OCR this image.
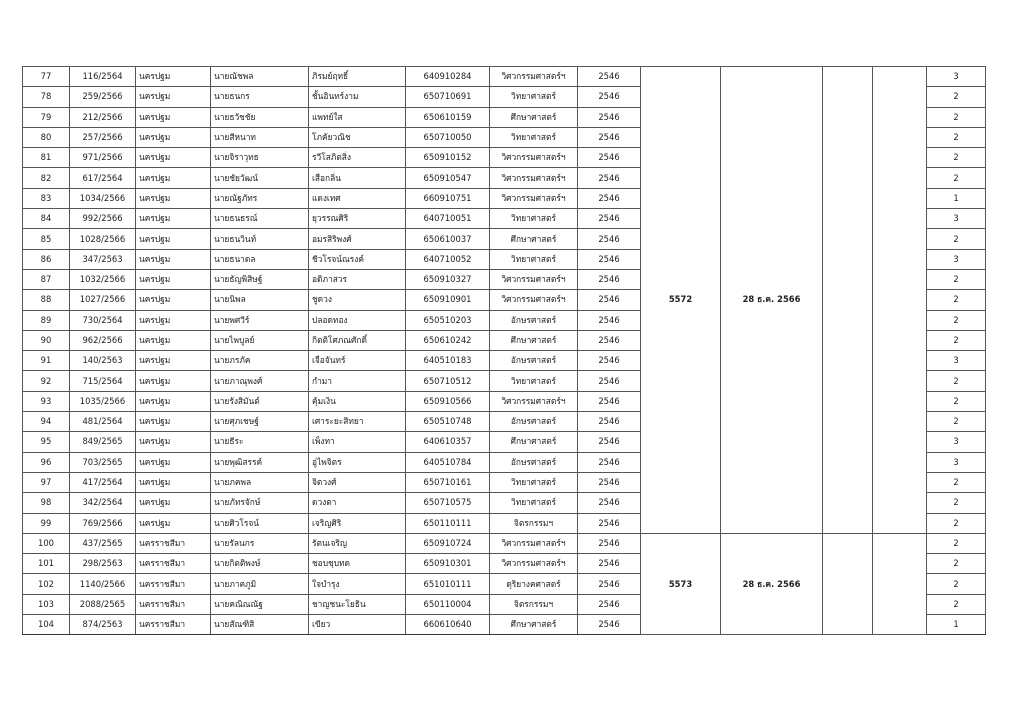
77	116/2564	นครปฐม	นายณัชพล	ภิรมย์ฤทธิ์	640910284	วิศวกรรมศาสตร์ฯ	2546	5572	28 ธ.ค. 2566			3
78	259/2566	นครปฐม	นายธนกร	ชั้นอินทร์งาม	650710691	วิทยาศาสตร์	2546					2
79	212/2566	นครปฐม	นายธวัชชัย	แพทย์ใส	650610159	ศึกษาศาสตร์	2546					2
80	257/2566	นครปฐม	นายสีหนาท	โภคัยวณิช	650710050	วิทยาศาสตร์	2546					2
81	971/2566	นครปฐม	นายจิราวุทธ	รวีโสภิตสิ่ง	650910152	วิศวกรรมศาสตร์ฯ	2546					2
82	617/2564	นครปฐม	นายชัยวัฒน์	เสือกลิ่น	650910547	วิศวกรรมศาสตร์ฯ	2546					2
83	1034/2566	นครปฐม	นายณัฐภัทร	แดงเทศ	660910751	วิศวกรรมศาสตร์ฯ	2546					1
84	992/2566	นครปฐม	นายธนธรณ์	ยุวรรณศิริ	640710051	วิทยาศาสตร์	2546					3
85	1028/2566	นครปฐม	นายธนวินท์	อมรสิริพงศ์	650610037	ศึกษาศาสตร์	2546					2
86	347/2563	นครปฐม	นายธนาดล	ชีวโรจน์ณรงค์	640710052	วิทยาศาสตร์	2546					3
87	1032/2566	นครปฐม	นายธัญพิสิษฐ์	อดิภาสวร	650910327	วิศวกรรมศาสตร์ฯ	2546					2
88	1027/2566	นครปฐม	นายนิพล	ชูดวง	650910901	วิศวกรรมศาสตร์ฯ	2546					2
89	730/2564	นครปฐม	นายพศวีร์	ปลอดทอง	650510203	อักษรศาสตร์	2546					2
90	962/2566	นครปฐม	นายไพบูลย์	กิตติโศภณศักดิ์	650610242	ศึกษาศาสตร์	2546					2
91	140/2563	นครปฐม	นายภรภัค	เจือจันทร์	640510183	อักษรศาสตร์	2546					3
92	715/2564	นครปฐม	นายภาณุพงศ์	กำมา	650710512	วิทยาศาสตร์	2546					2
93	1035/2566	นครปฐม	นายรังสิมันต์	คุ้มเงิน	650910566	วิศวกรรมศาสตร์ฯ	2546					2
94	481/2564	นครปฐม	นายศุภเชษฐ์	เศาระยะสิทยา	650510748	อักษรศาสตร์	2546					2
95	849/2565	นครปฐม	นายธีระ	เพ็งทา	640610357	ศึกษาศาสตร์	2546					3
96	703/2565	นครปฐม	นายพุฒิสรรค์	อู่ไพจิตร	640510784	อักษรศาสตร์	2546					3
97	417/2564	นครปฐม	นายภคพล	จิตวงศ์	650710161	วิทยาศาสตร์	2546					2
98	342/2564	นครปฐม	นายภัทรจักษ์	ดวงตา	650710575	วิทยาศาสตร์	2546					2
99	769/2566	นครปฐม	นายศิวโรจน์	เจริญศิริ	650110111	จิตรกรรมฯ	2546					2
100	437/2565	นครราชสีมา	นายรัลนกร	รัตนเจริญ	650910724	วิศวกรรมศาสตร์ฯ	2546	5573	28 ธ.ค. 2566			2
101	298/2563	นครราชสีมา	นายกิตติพงษ์	ชอบชุบทด	650910301	วิศวกรรมศาสตร์ฯ	2546					2
102	1140/2566	นครราชสีมา	นายภาคภูมิ	ใจบำรุง	651010111	ดุริยางคศาสตร์	2546					2
103	2088/2565	นครราชสีมา	นายคณิณณัฐ	ชาญชนะโยธิน	650110004	จิตรกรรมฯ	2546					2
104	874/2563	นครราชสีมา	นายสัณฑิสิ	เขียว	660610640	ศึกษาศาสตร์	2546					1
